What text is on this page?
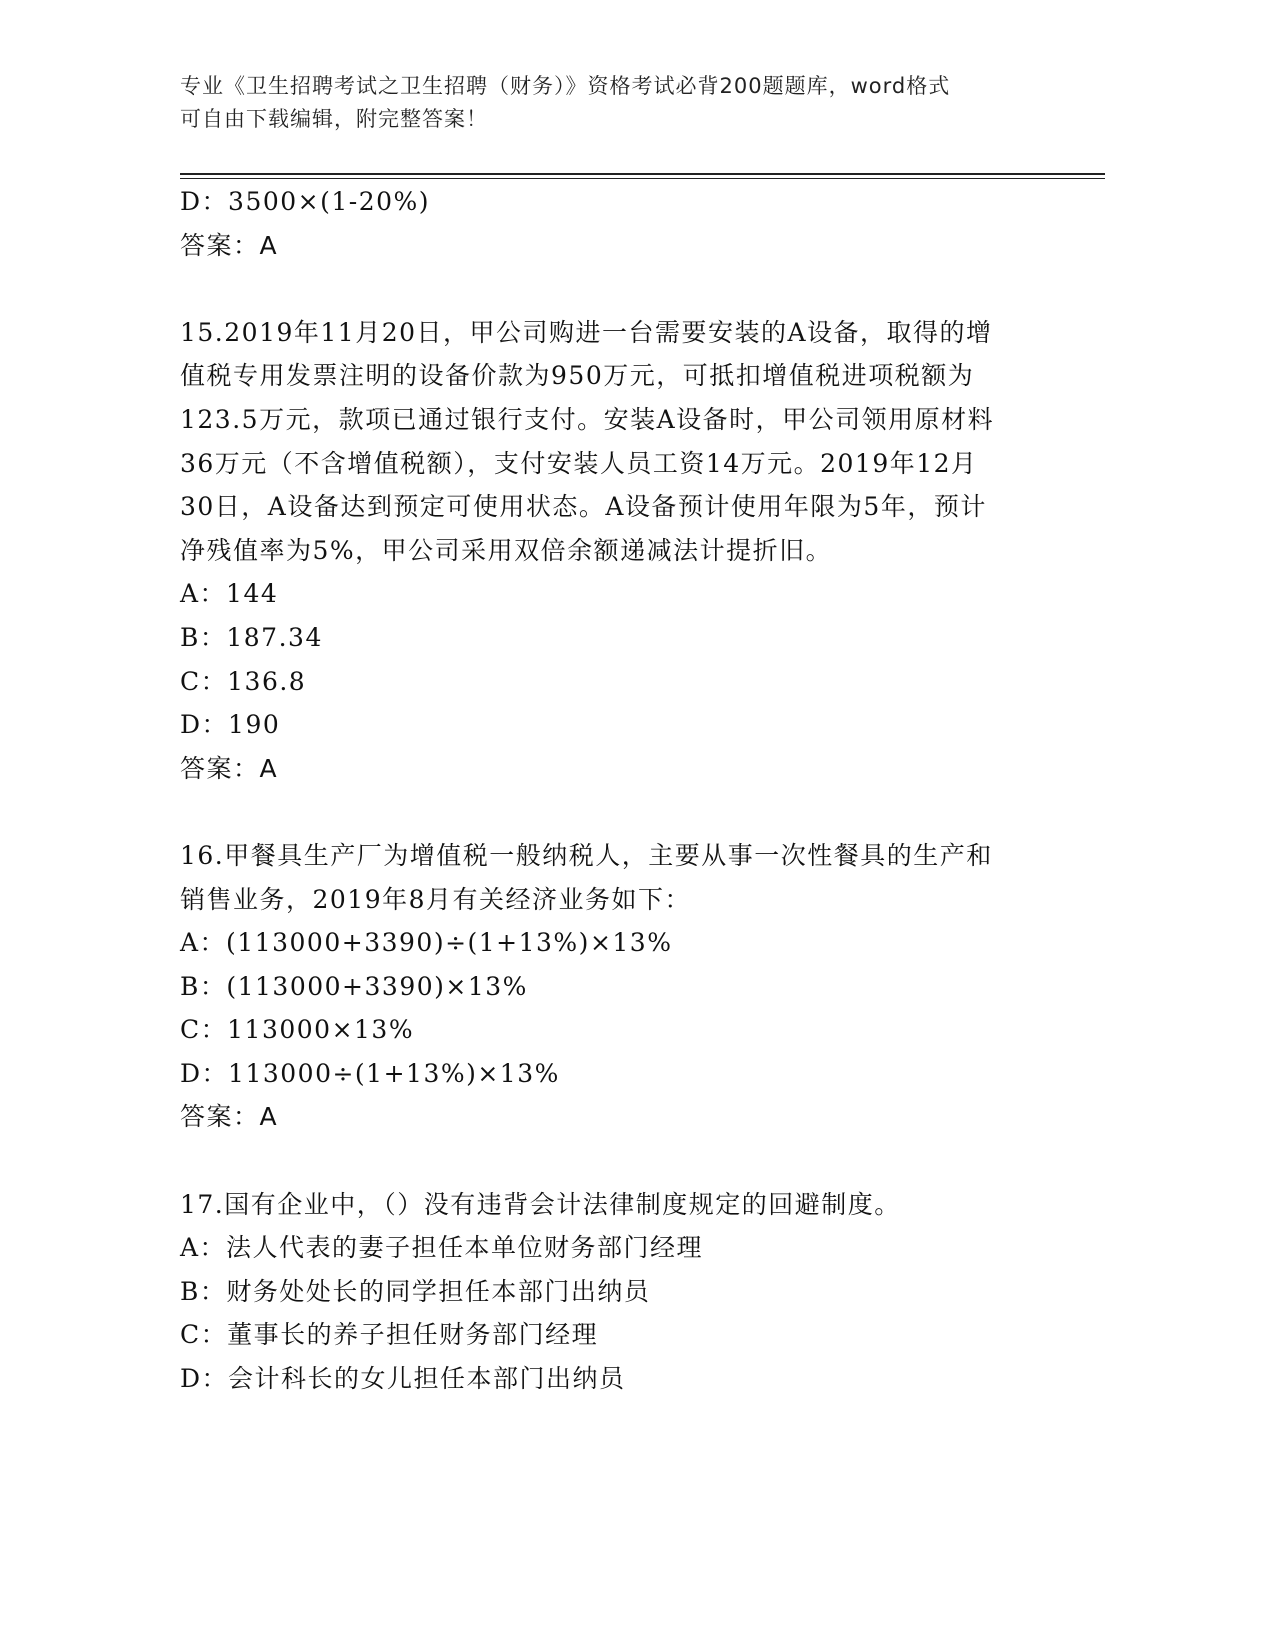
专业《卫生招聘考试之卫生招聘（财务）》资格考试必背200题题库，word格式
可自由下载编辑，附完整答案！
D：3500×(1-20%)
答案：A
15.2019年11月20日，甲公司购进一台需要安装的A设备，取得的增
值税专用发票注明的设备价款为950万元，可抵扣增值税进项税额为
123.5万元，款项已通过银行支付。安装A设备时，甲公司领用原材料
36万元（不含增值税额），支付安装人员工资14万元。2019年12月
30日，A设备达到预定可使用状态。A设备预计使用年限为5年，预计
净残值率为5%，甲公司采用双倍余额递减法计提折旧。
A：144
B：187.34
C：136.8
D：190
答案：A
16.甲餐具生产厂为增值税一般纳税人，主要从事一次性餐具的生产和
销售业务，2019年8月有关经济业务如下：
A：(113000+3390)÷(1+13%)×13%
B：(113000+3390)×13%
C：113000×13%
D：113000÷(1+13%)×13%
答案：A
17.国有企业中，（）没有违背会计法律制度规定的回避制度。
A：法人代表的妻子担任本单位财务部门经理
B：财务处处长的同学担任本部门出纳员
C：董事长的养子担任财务部门经理
D：会计科长的女儿担任本部门出纳员
